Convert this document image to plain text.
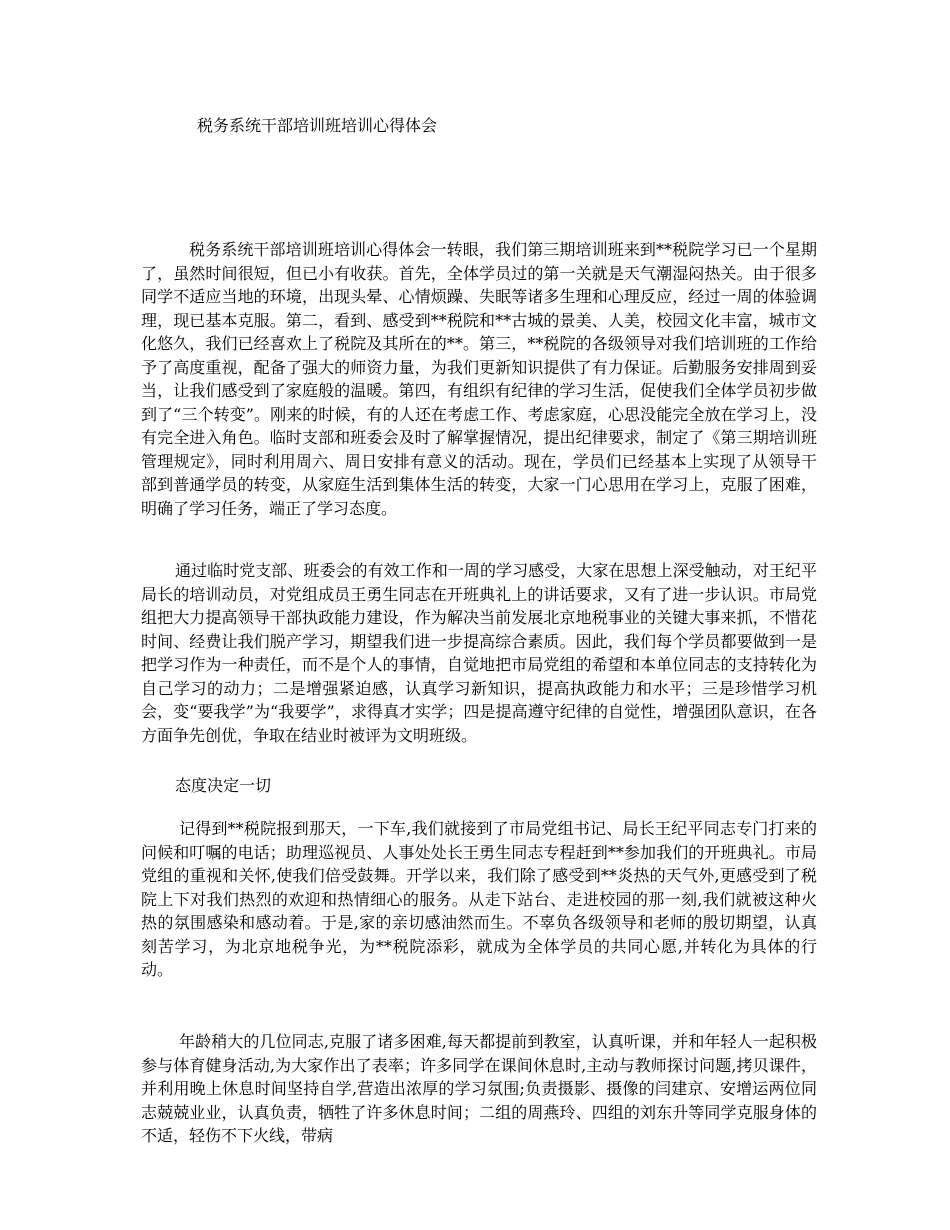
税务系统干部培训班培训心得体会

税务系统干部培训班培训心得体会一转眼，我们第三期培训班来到**税院学习已一个星期了，虽然时间很短，但已小有收获。首先，全体学员过的第一关就是天气潮湿闷热关。由于很多同学不适应当地的环境，出现头晕、心情烦躁、失眠等诸多生理和心理反应，经过一周的体验调理，现已基本克服。第二，看到、感受到**税院和**古城的景美、人美，校园文化丰富，城市文化悠久，我们已经喜欢上了税院及其所在的**。第三，**税院的各级领导对我们培训班的工作给予了高度重视，配备了强大的师资力量，为我们更新知识提供了有力保证。后勤服务安排周到妥当，让我们感受到了家庭般的温暖。第四，有组织有纪律的学习生活，促使我们全体学员初步做到了“三个转变”。刚来的时候，有的人还在考虑工作、考虑家庭，心思没能完全放在学习上，没有完全进入角色。临时支部和班委会及时了解掌握情况，提出纪律要求，制定了《第三期培训班管理规定》，同时利用周六、周日安排有意义的活动。现在，学员们已经基本上实现了从领导干部到普通学员的转变，从家庭生活到集体生活的转变，大家一门心思用在学习上，克服了困难，明确了学习任务，端正了学习态度。

通过临时党支部、班委会的有效工作和一周的学习感受，大家在思想上深受触动，对王纪平局长的培训动员，对党组成员王勇生同志在开班典礼上的讲话要求，又有了进一步认识。市局党组把大力提高领导干部执政能力建设，作为解决当前发展北京地税事业的关键大事来抓，不惜花时间、经费让我们脱产学习，期望我们进一步提高综合素质。因此，我们每个学员都要做到一是把学习作为一种责任，而不是个人的事情，自觉地把市局党组的希望和本单位同志的支持转化为自己学习的动力；二是增强紧迫感，认真学习新知识，提高执政能力和水平；三是珍惜学习机会，变“要我学”为“我要学”，求得真才实学；四是提高遵守纪律的自觉性，增强团队意识，在各方面争先创优，争取在结业时被评为文明班级。

态度决定一切

记得到**税院报到那天，一下车,我们就接到了市局党组书记、局长王纪平同志专门打来的问候和叮嘱的电话；助理巡视员、人事处处长王勇生同志专程赶到**参加我们的开班典礼。市局党组的重视和关怀,使我们倍受鼓舞。开学以来，我们除了感受到**炎热的天气外,更感受到了税院上下对我们热烈的欢迎和热情细心的服务。从走下站台、走进校园的那一刻,我们就被这种火热的氛围感染和感动着。于是,家的亲切感油然而生。不辜负各级领导和老师的殷切期望，认真刻苦学习，为北京地税争光，为**税院添彩，就成为全体学员的共同心愿,并转化为具体的行动。

年龄稍大的几位同志,克服了诸多困难,每天都提前到教室，认真听课，并和年轻人一起积极参与体育健身活动,为大家作出了表率；许多同学在课间休息时,主动与教师探讨问题,拷贝课件，并利用晚上休息时间坚持自学,营造出浓厚的学习氛围;负责摄影、摄像的闫建京、安增运两位同志兢兢业业，认真负责，牺牲了许多休息时间；二组的周燕玲、四组的刘东升等同学克服身体的不适，轻伤不下火线，带病
